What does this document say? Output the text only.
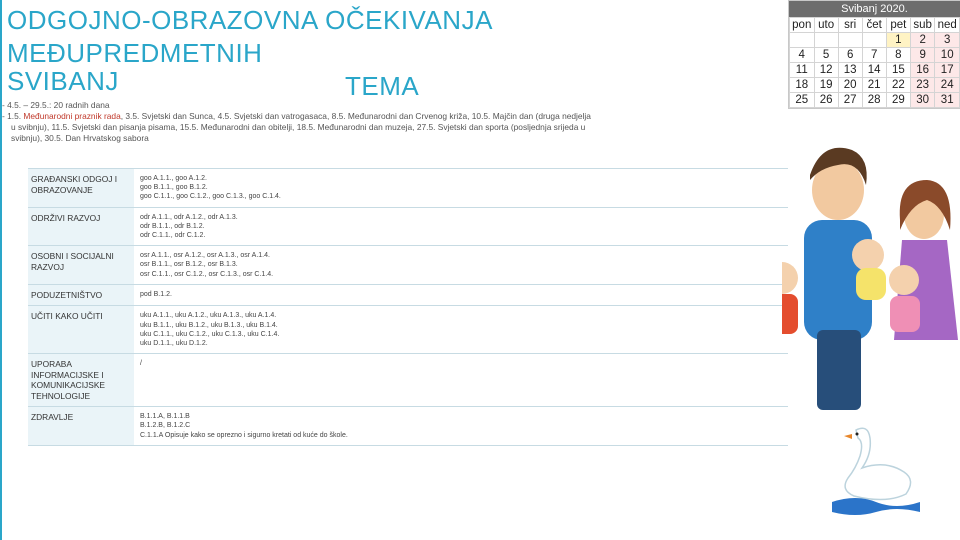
ODGOJNO-OBRAZOVNA OČEKIVANJA MEĐUPREDMETNIH
TEMA
SVIBANJ
- 4.5. – 29.5.: 20 radnih dana
- 1.5. Međunarodni praznik rada, 3.5. Svjetski dan Sunca, 4.5. Svjetski dan vatrogasaca, 8.5. Međunarodni dan Crvenog križa, 10.5. Majčin dan (druga nedjelja
u svibnju), 11.5. Svjetski dan pisanja pisama, 15.5. Međunarodni dan obitelji, 18.5. Međunarodni dan muzeja, 27.5. Svjetski dan sporta (posljednja srijeda u
svibnju), 30.5. Dan Hrvatskog sabora
GRAĐANSKI ODGOJ I OBRAZOVANJE	goo A.1.1., goo A.1.2.
goo B.1.1., goo B.1.2.
goo C.1.1., goo C.1.2., goo C.1.3., goo C.1.4.

ODRŽIVI RAZVOJ	odr A.1.1., odr A.1.2., odr A.1.3.
odr B.1.1., odr B.1.2.
odr C.1.1., odr C.1.2.

OSOBNI I SOCIJALNI RAZVOJ	osr A.1.1., osr A.1.2., osr A.1.3., osr A.1.4.
osr B.1.1., osr B.1.2., osr B.1.3.
osr C.1.1., osr C.1.2., osr C.1.3., osr C.1.4.

PODUZETNIŠTVO	pod B.1.2.

UČITI KAKO UČITI	uku A.1.1., uku A.1.2., uku A.1.3., uku A.1.4.
uku B.1.1., uku B.1.2., uku B.1.3., uku B.1.4.
uku C.1.1., uku C.1.2., uku C.1.3., uku C.1.4.
uku D.1.1., uku D.1.2.

UPORABA INFORMACIJSKE I KOMUNIKACIJSKE TEHNOLOGIJE	/

ZDRAVLJE	B.1.1.A, B.1.1.B
B.1.2.B, B.1.2.C
C.1.1.A Opisuje kako se oprezno i sigurno kretati od kuće do škole.
Svibanj 2020.
pon	uto	sri	čet	pet	sub	ned
				1	2	3
4	5	6	7	8	9	10
11	12	13	14	15	16	17
18	19	20	21	22	23	24
25	26	27	28	29	30	31
